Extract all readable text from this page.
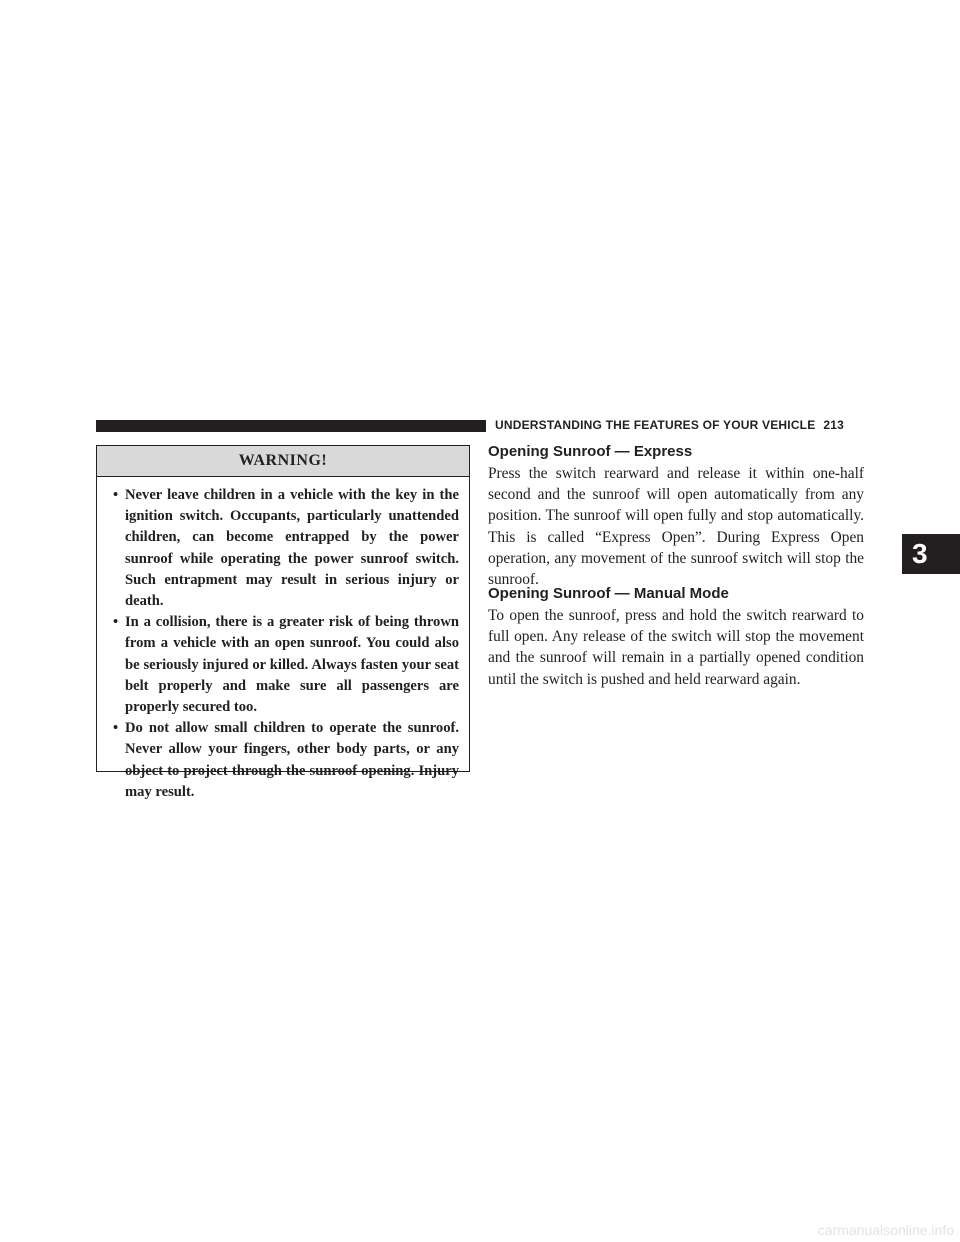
UNDERSTANDING THE FEATURES OF YOUR VEHICLE 213
WARNING!
• Never leave children in a vehicle with the key in the ignition switch. Occupants, particularly unattended children, can become entrapped by the power sunroof while operating the power sunroof switch. Such entrapment may result in serious injury or death.
• In a collision, there is a greater risk of being thrown from a vehicle with an open sunroof. You could also be seriously injured or killed. Always fasten your seat belt properly and make sure all passengers are properly secured too.
• Do not allow small children to operate the sunroof. Never allow your fingers, other body parts, or any object to project through the sunroof opening. Injury may result.
Opening Sunroof — Express

Press the switch rearward and release it within one-half second and the sunroof will open automatically from any position. The sunroof will open fully and stop automatically. This is called “Express Open”. During Express Open operation, any movement of the sunroof switch will stop the sunroof.

Opening Sunroof — Manual Mode

To open the sunroof, press and hold the switch rearward to full open. Any release of the switch will stop the movement and the sunroof will remain in a partially opened condition until the switch is pushed and held rearward again.

3
carmanualsonline.info
